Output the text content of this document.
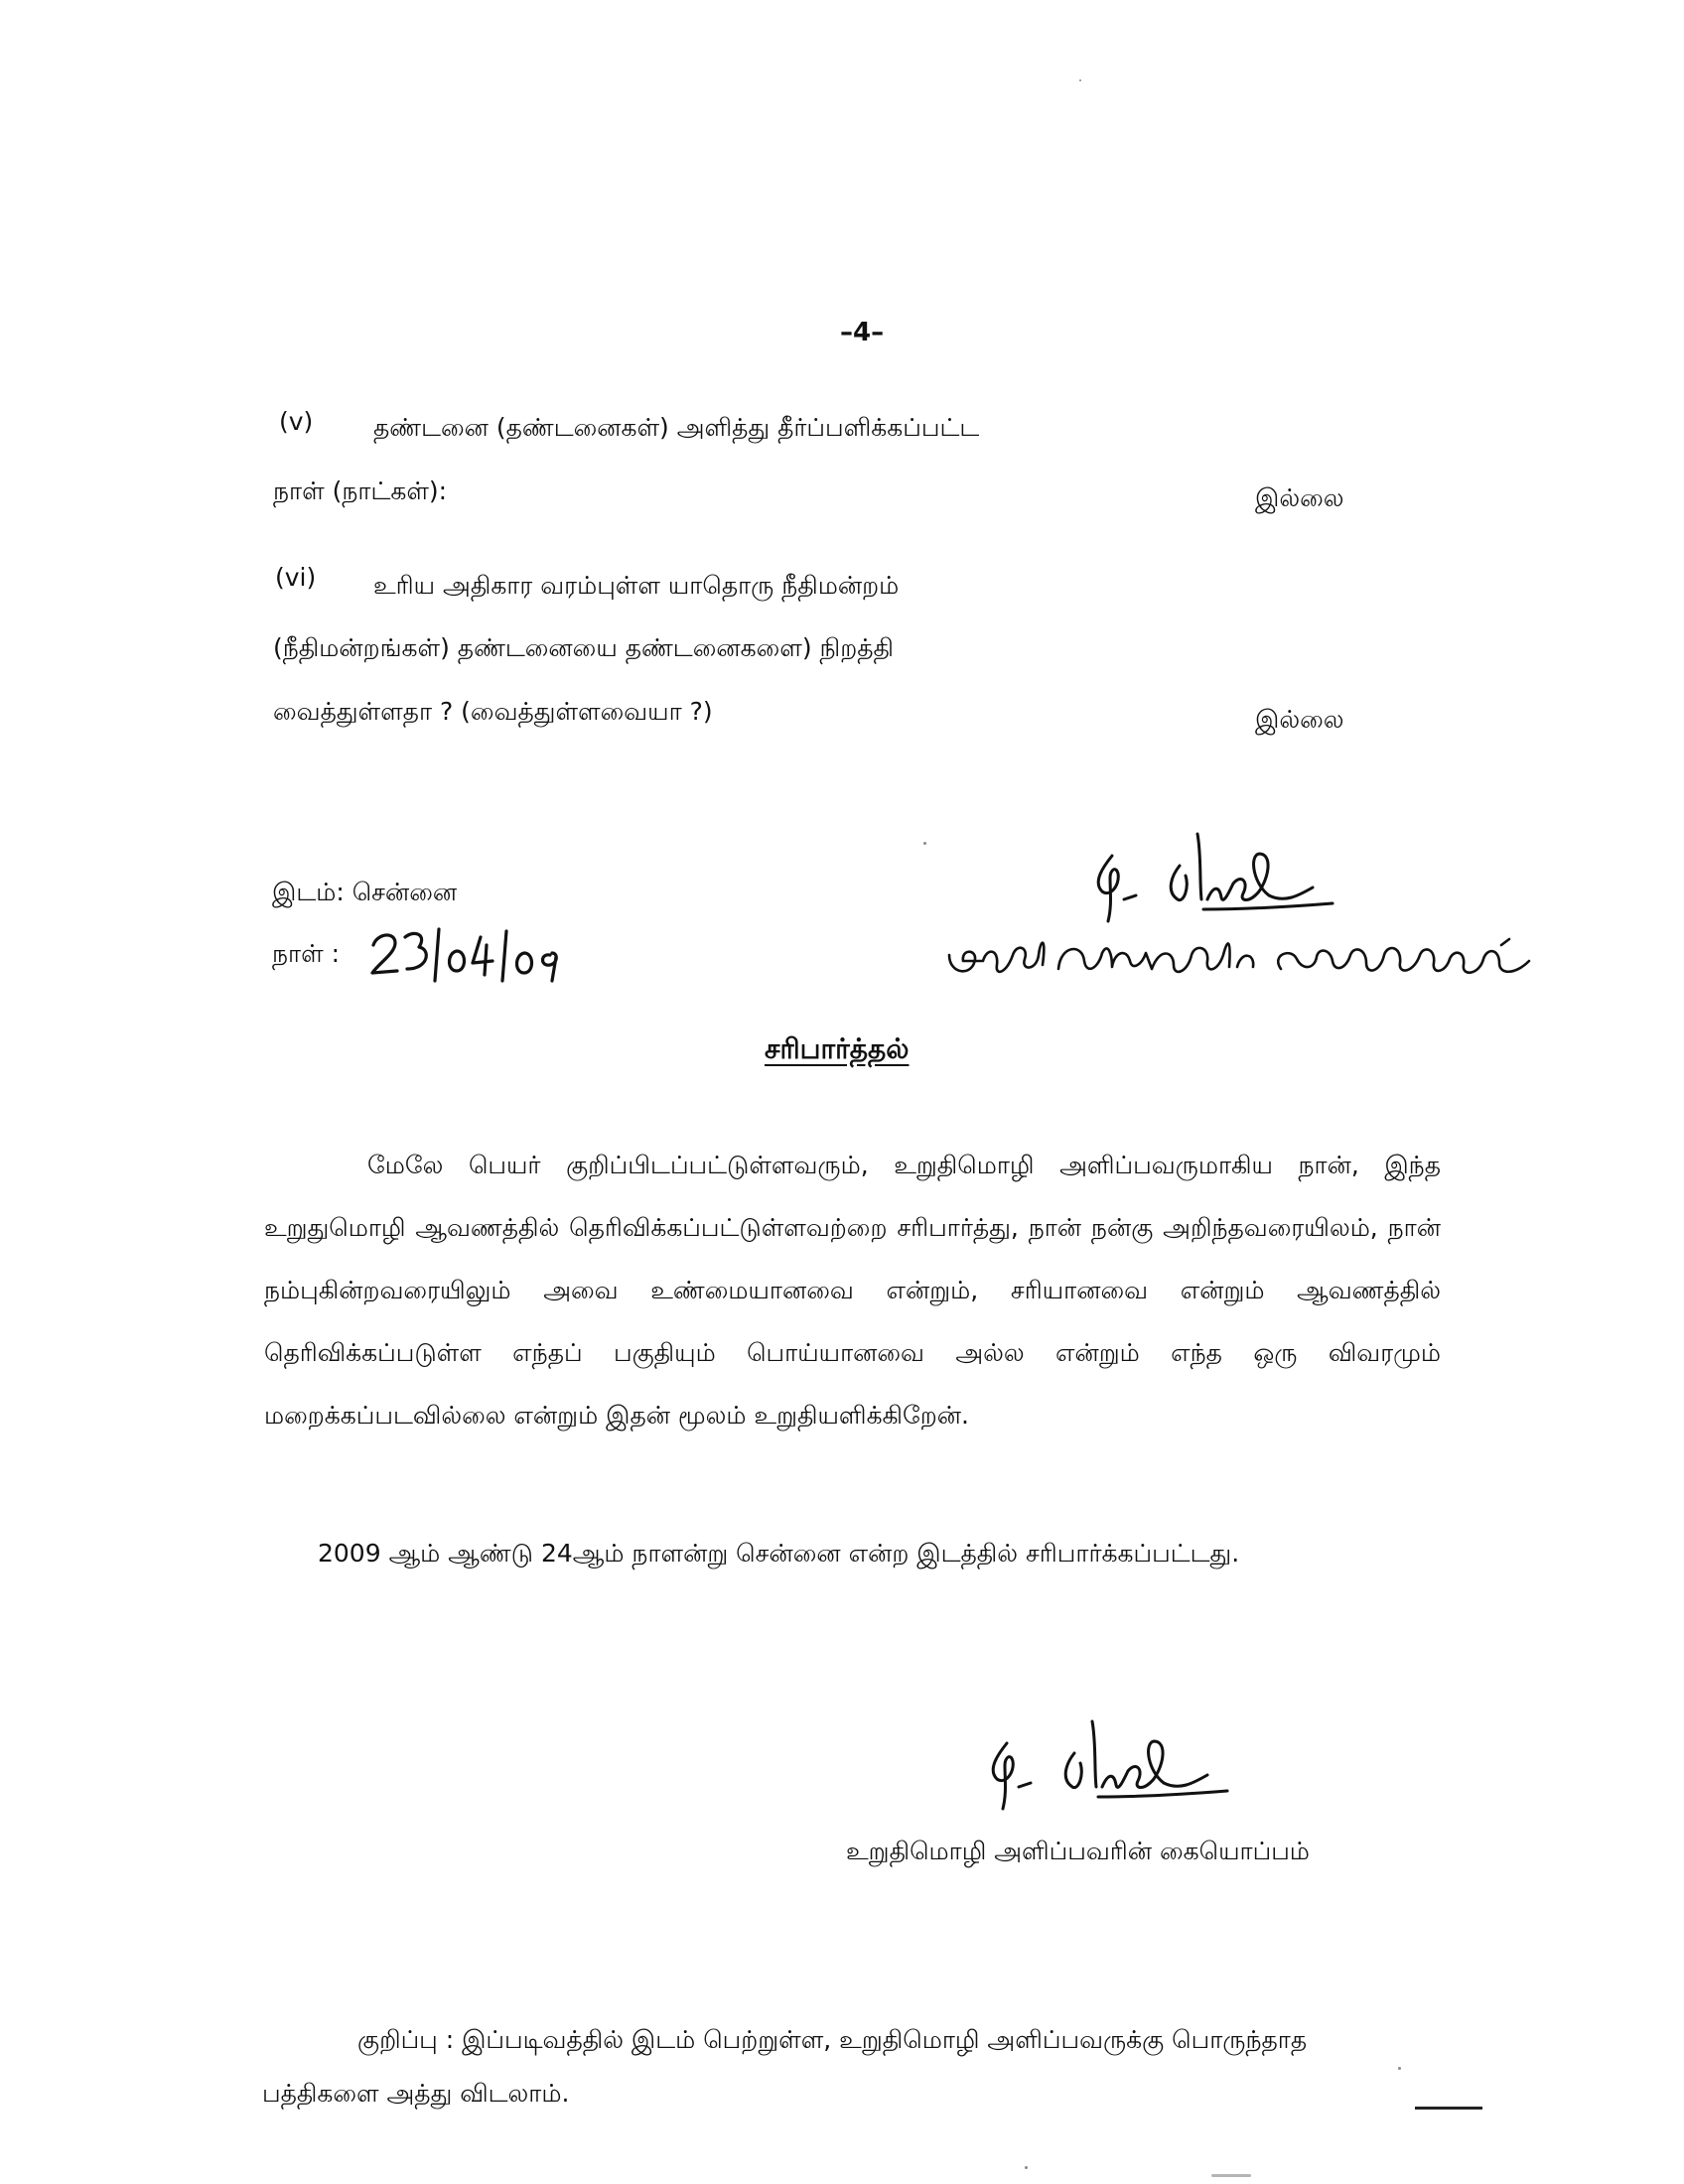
–4–
(v) தண்டனை (தண்டனைகள்) அளித்து தீர்ப்பளிக்கப்பட்ட
நாள் (நாட்கள்):	இல்லை
(vi) உரிய அதிகார வரம்புள்ள யாதொரு நீதிமன்றம்
(நீதிமன்றங்கள்) தண்டனையை தண்டனைகளை) நிறத்தி
வைத்துள்ளதா ? (வைத்துள்ளவையா ?)	இல்லை
இடம்: சென்னை
நாள் :
சரிபார்த்தல்

மேலே பெயர் குறிப்பிடப்பட்டுள்ளவரும், உறுதிமொழி அளிப்பவருமாகிய நான், இந்த உறுதுமொழி ஆவணத்தில் தெரிவிக்கப்பட்டுள்ளவற்றை சரிபார்த்து, நான் நன்கு அறிந்தவரையிலம், நான் நம்புகின்றவரையிலும் அவை உண்மையானவை என்றும், சரியானவை என்றும் ஆவணத்தில் தெரிவிக்கப்படுள்ள எந்தப் பகுதியும் பொய்யானவை அல்ல என்றும் எந்த ஒரு விவரமும் மறைக்கப்படவில்லை என்றும் இதன் மூலம் உறுதியளிக்கிறேன்.

2009 ஆம் ஆண்டு 24ஆம் நாளன்று சென்னை என்ற இடத்தில் சரிபார்க்கப்பட்டது.
உறுதிமொழி அளிப்பவரின் கையொப்பம்
குறிப்பு : இப்படிவத்தில் இடம் பெற்றுள்ள, உறுதிமொழி அளிப்பவருக்கு பொருந்தாத
பத்திகளை அத்து விடலாம்.
